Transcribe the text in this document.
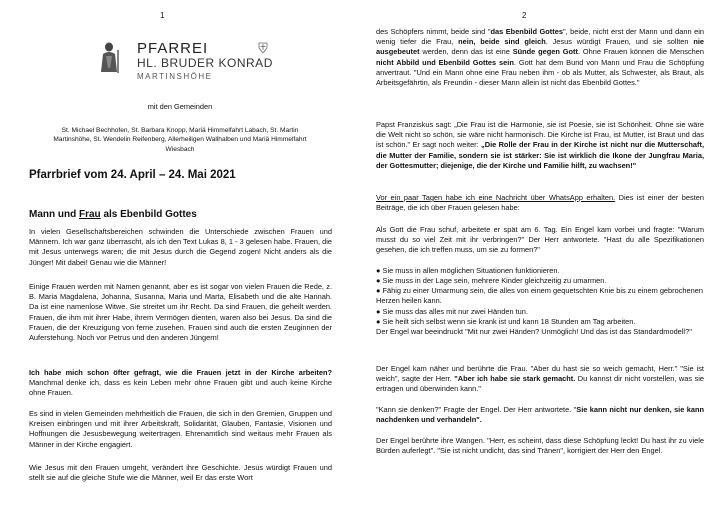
1
PFARREI
HL. BRUDER KONRAD
MARTINSHÖHE
mit den Gemeinden
St. Michael Bechhofen, St. Barbara Knopp, Mariä Himmelfahrt Labach, St. Martin Martinshöhe, St. Wendelin Reifenberg, Allerheiligen Wallhalben und Mariä Himmelfahrt Wiesbach
Pfarrbrief vom 24. April – 24. Mai 2021
Mann und Frau als Ebenbild Gottes

In vielen Gesellschaftsbereichen schwinden die Unterschiede zwischen Frauen und Männern. Ich war ganz überrascht, als ich den Text Lukas 8, 1 - 3 gelesen habe. Frauen, die mit Jesus unterwegs waren; die mit Jesus durch die Gegend zogen! Nicht anders als die Jünger! Mit dabei! Genau wie die Männer!

Einige Frauen werden mit Namen genannt, aber es ist sogar von vielen Frauen die Rede, z. B. Maria Magdalena, Johanna, Susanna, Maria und Marta, Elisabeth und die alte Hannah. Da ist eine namenlose Witwe. Sie streitet um ihr Recht. Da sind Frauen, die geheilt werden. Frauen, die ihm mit ihrer Habe, ihrem Vermögen dienten, waren also bei Jesus. Da sind die Frauen, die der Kreuzigung von ferne zusehen. Frauen sind auch die ersten Zeuginnen der Auferstehung. Noch vor Petrus und den anderen Jüngern!

Ich habe mich schon öfter gefragt, wie die Frauen jetzt in der Kirche arbeiten? Manchmal denke ich, dass es kein Leben mehr ohne Frauen gibt und auch keine Kirche ohne Frauen.

Es sind in vielen Gemeinden mehrheitlich die Frauen, die sich in den Gremien, Gruppen und Kreisen einbringen und mit ihrer Arbeitskraft, Solidarität, Glauben, Fantasie, Visionen und Hoffnungen die Jesusbewegung weitertragen. Ehrenamtlich sind weitaus mehr Frauen als Männer in der Kirche engagiert.

Wie Jesus mit den Frauen umgeht, verändert ihre Geschichte. Jesus würdigt Frauen und stellt sie auf die gleiche Stufe wie die Männer, weil Er das erste Wort

2

des Schöpfers nimmt, beide sind "das Ebenbild Gottes", beide, nicht erst der Mann und dann ein wenig tiefer die Frau, nein, beide sind gleich. Jesus würdigt Frauen, und sie sollten nie ausgebeutet werden, denn das ist eine Sünde gegen Gott. Ohne Frauen können die Menschen nicht Abbild und Ebenbild Gottes sein. Gott hat dem Bund von Mann und Frau die Schöpfung anvertraut. "Und ein Mann ohne eine Frau neben ihm - ob als Mutter, als Schwester, als Braut, als Arbeitsgefährtin, als Freundin - dieser Mann allein ist nicht das Ebenbild Gottes."

Papst Franziskus sagt: „Die Frau ist die Harmonie, sie ist Poesie, sie ist Schönheit. Ohne sie wäre die Welt nicht so schön, sie wäre nicht harmonisch. Die Kirche ist Frau, ist Mutter, ist Braut und das ist schön." Er sagt noch weiter: „Die Rolle der Frau in der Kirche ist nicht nur die Mutterschaft, die Mutter der Familie, sondern sie ist stärker: Sie ist wirklich die Ikone der Jungfrau Maria, der Gottesmutter; diejenige, die der Kirche und Familie hilft, zu wachsen!"

Vor ein paar Tagen habe ich eine Nachricht über WhatsApp erhalten. Dies ist einer der besten Beiträge, die ich über Frauen gelesen habe:

Als Gott die Frau schuf, arbeitete er spät am 6. Tag. Ein Engel kam vorbei und fragte: "Warum musst du so viel Zeit mit ihr verbringen?" Der Herr antwortete. "Hast du alle Spezifikationen gesehen, die ich treffen muss, um sie zu formen?"

● Sie muss in allen möglichen Situationen funktionieren.
● Sie muss in der Lage sein, mehrere Kinder gleichzeitig zu umarmen.
● Fähig zu einer Umarmung sein, die alles von einem gequetschten Knie bis zu einem gebrochenen Herzen heilen kann.
● Sie muss das alles mit nur zwei Händen tun.
● Sie heilt sich selbst wenn sie krank ist und kann 18 Stunden am Tag arbeiten.

Der Engel war beeindruckt "Mit nur zwei Händen? Unmöglich! Und das ist das Standardmodell?"

Der Engel kam näher und berührte die Frau. "Aber du hast sie so weich gemacht, Herr." "Sie ist weich", sagte der Herr. "Aber ich habe sie stark gemacht. Du kannst dir nicht vorstellen, was sie ertragen und überwinden kann."

"Kann sie denken?" Fragte der Engel. Der Herr antwortete. "Sie kann nicht nur denken, sie kann nachdenken und verhandeln".

Der Engel berührte ihre Wangen. "Herr, es scheint, dass diese Schöpfung leckt! Du hast ihr zu viele Bürden auferlegt". "Sie ist nicht undicht, das sind Tränen", korrigiert der Herr den Engel.
